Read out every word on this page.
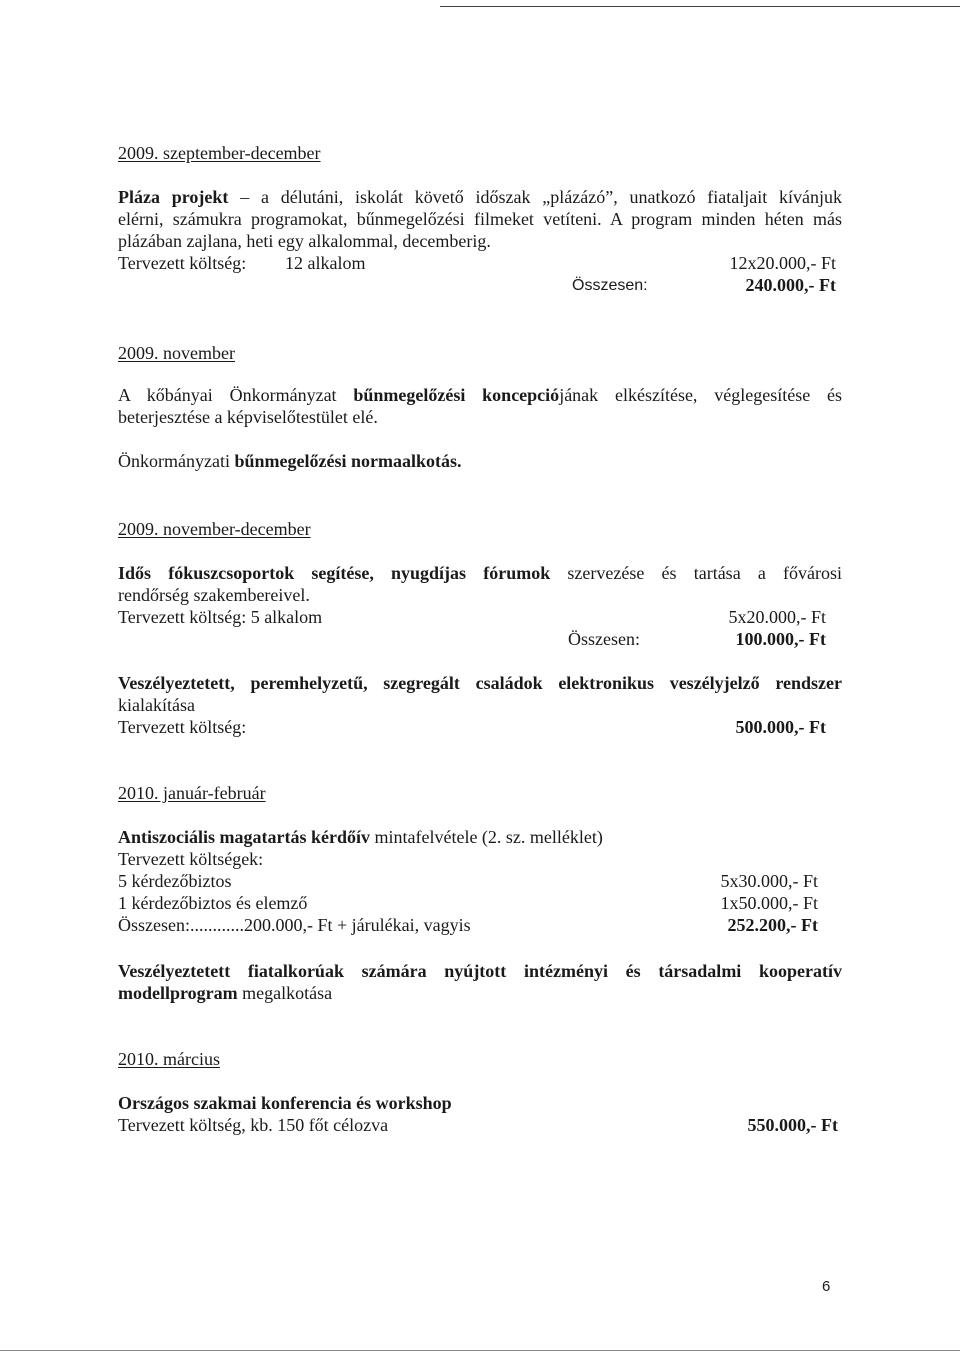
2009. szeptember-december
Pláza projekt – a délutáni, iskolát követő időszak „plázázó”, unatkozó fiataljait kívánjuk
elérni, számukra programokat, bűnmegelőzési filmeket vetíteni. A program minden héten más
plázában zajlana, heti egy alkalommal, decemberig.
Tervezett költség: 12 alkalom	12x20.000,- Ft
Összesen:	240.000,- Ft
2009. november
A kőbányai Önkormányzat bűnmegelőzési koncepciójának elkészítése, véglegesítése és
beterjesztése a képviselőtestület elé.
Önkormányzati bűnmegelőzési normaalkotás.
2009. november-december
Idős fókuszcsoportok segítése, nyugdíjas fórumok szervezése és tartása a fővárosi
rendőrség szakembereivel.
Tervezett költség: 5 alkalom	5x20.000,- Ft
Összesen:	100.000,- Ft
Veszélyeztetett, peremhelyzetű, szegregált családok elektronikus veszélyjelző rendszer
kialakítása
Tervezett költség:	500.000,- Ft
2010. január-február
Antiszociális magatartás kérdőív mintafelvétele (2. sz. melléklet)
Tervezett költségek:
5 kérdezőbiztos	5x30.000,- Ft
1 kérdezőbiztos és elemző	1x50.000,- Ft
Összesen:............200.000,- Ft + járulékai, vagyis	252.200,- Ft
Veszélyeztetett fiatalkorúak számára nyújtott intézményi és társadalmi kooperatív
modellprogram megalkotása
2010. március
Országos szakmai konferencia és workshop
Tervezett költség, kb. 150 főt célozva	550.000,- Ft
6
